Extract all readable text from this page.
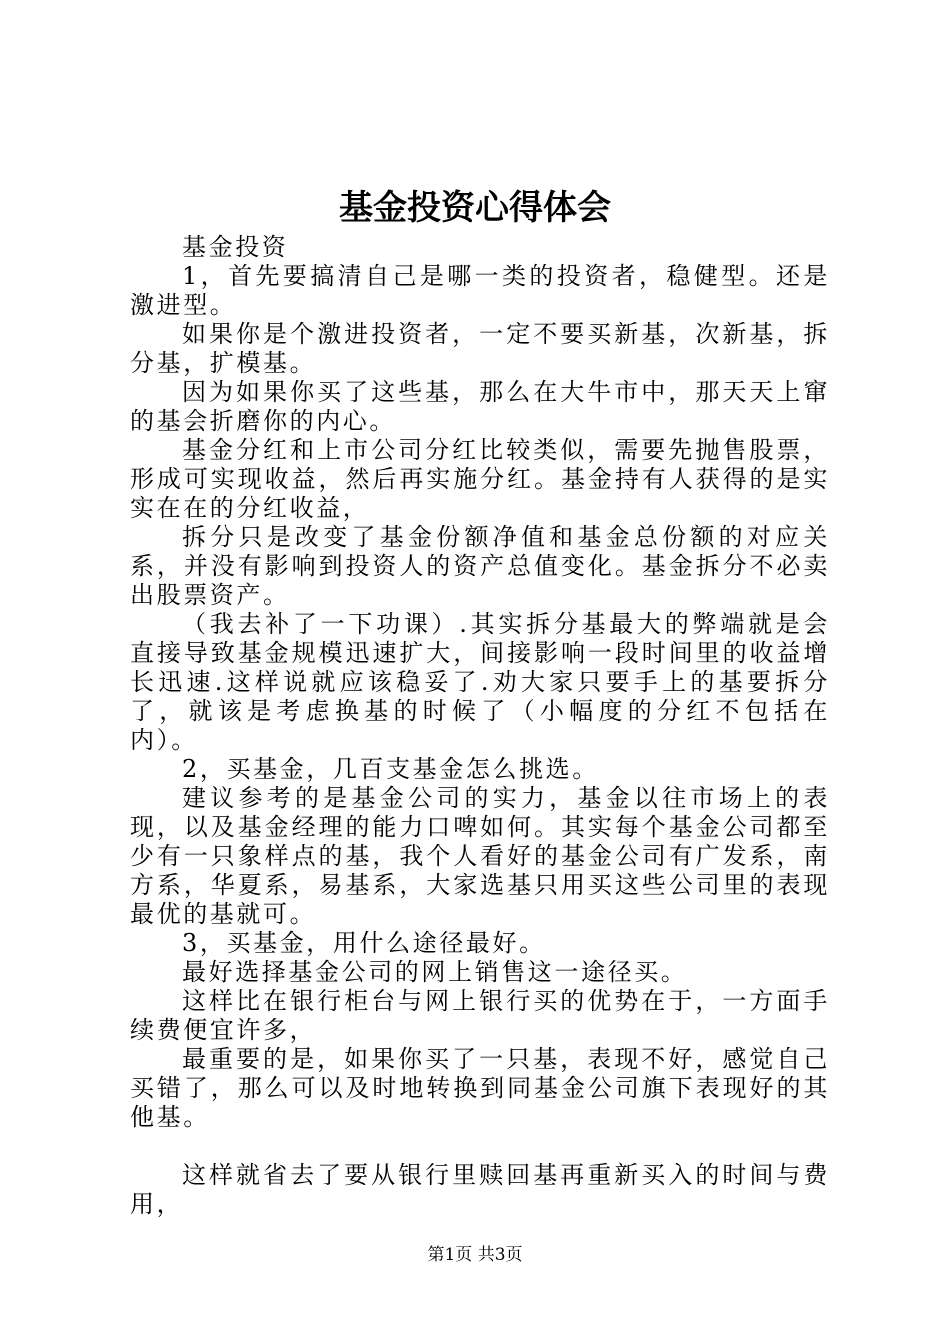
基金投资心得体会

基金投资

1，首先要搞清自己是哪一类的投资者，稳健型。还是激进型。

如果你是个激进投资者，一定不要买新基，次新基，拆分基，扩模基。

因为如果你买了这些基，那么在大牛市中，那天天上窜的基会折磨你的内心。

基金分红和上市公司分红比较类似，需要先抛售股票，形成可实现收益，然后再实施分红。基金持有人获得的是实实在在的分红收益，

拆分只是改变了基金份额净值和基金总份额的对应关系，并没有影响到投资人的资产总值变化。基金拆分不必卖出股票资产。

（我去补了一下功课）.其实拆分基最大的弊端就是会直接导致基金规模迅速扩大，间接影响一段时间里的收益增长迅速.这样说就应该稳妥了.劝大家只要手上的基要拆分了，就该是考虑换基的时候了（小幅度的分红不包括在内）。

2，买基金，几百支基金怎么挑选。

建议参考的是基金公司的实力，基金以往市场上的表现，以及基金经理的能力口啤如何。其实每个基金公司都至少有一只象样点的基，我个人看好的基金公司有广发系，南方系，华夏系，易基系，大家选基只用买这些公司里的表现最优的基就可。

3，买基金，用什么途径最好。

最好选择基金公司的网上销售这一途径买。

这样比在银行柜台与网上银行买的优势在于，一方面手续费便宜许多，

最重要的是，如果你买了一只基，表现不好，感觉自己买错了，那么可以及时地转换到同基金公司旗下表现好的其他基。

这样就省去了要从银行里赎回基再重新买入的时间与费用，

第1页 共3页
